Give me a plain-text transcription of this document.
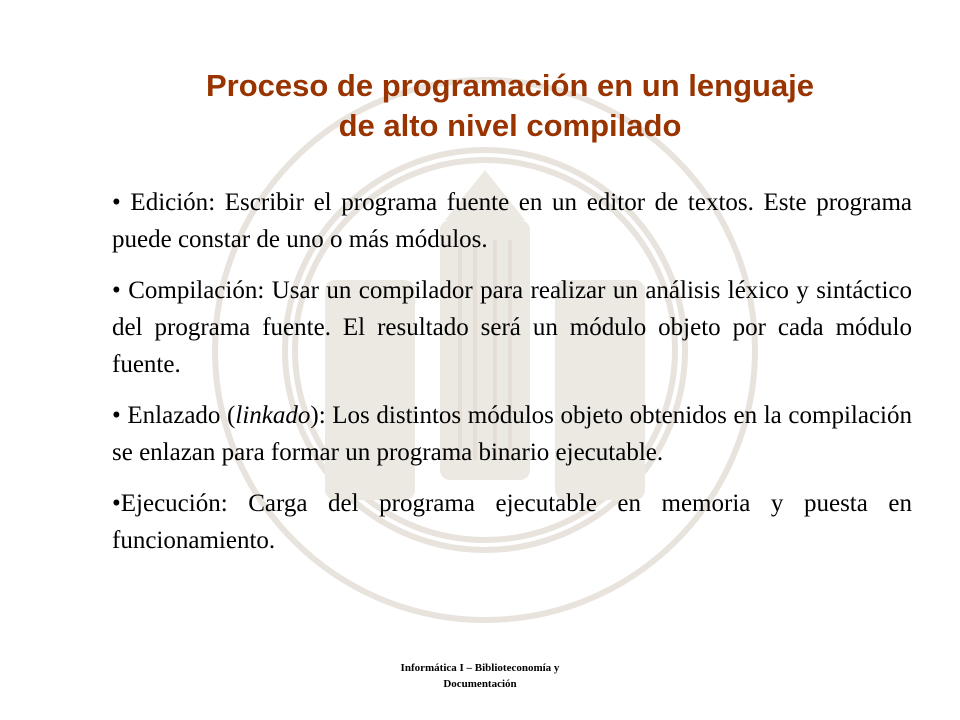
Proceso de programación en un lenguaje
de alto nivel compilado

• Edición: Escribir el programa fuente en un editor de textos. Este programa puede constar de uno o más módulos.

• Compilación: Usar un compilador para realizar un análisis léxico y sintáctico del programa fuente. El resultado será un módulo objeto por cada módulo fuente.

• Enlazado (linkado): Los distintos módulos objeto obtenidos en la compilación se enlazan para formar un programa binario ejecutable.

•Ejecución: Carga del programa ejecutable en memoria y puesta en funcionamiento.

Informática I – Biblioteconomía y
Documentación
